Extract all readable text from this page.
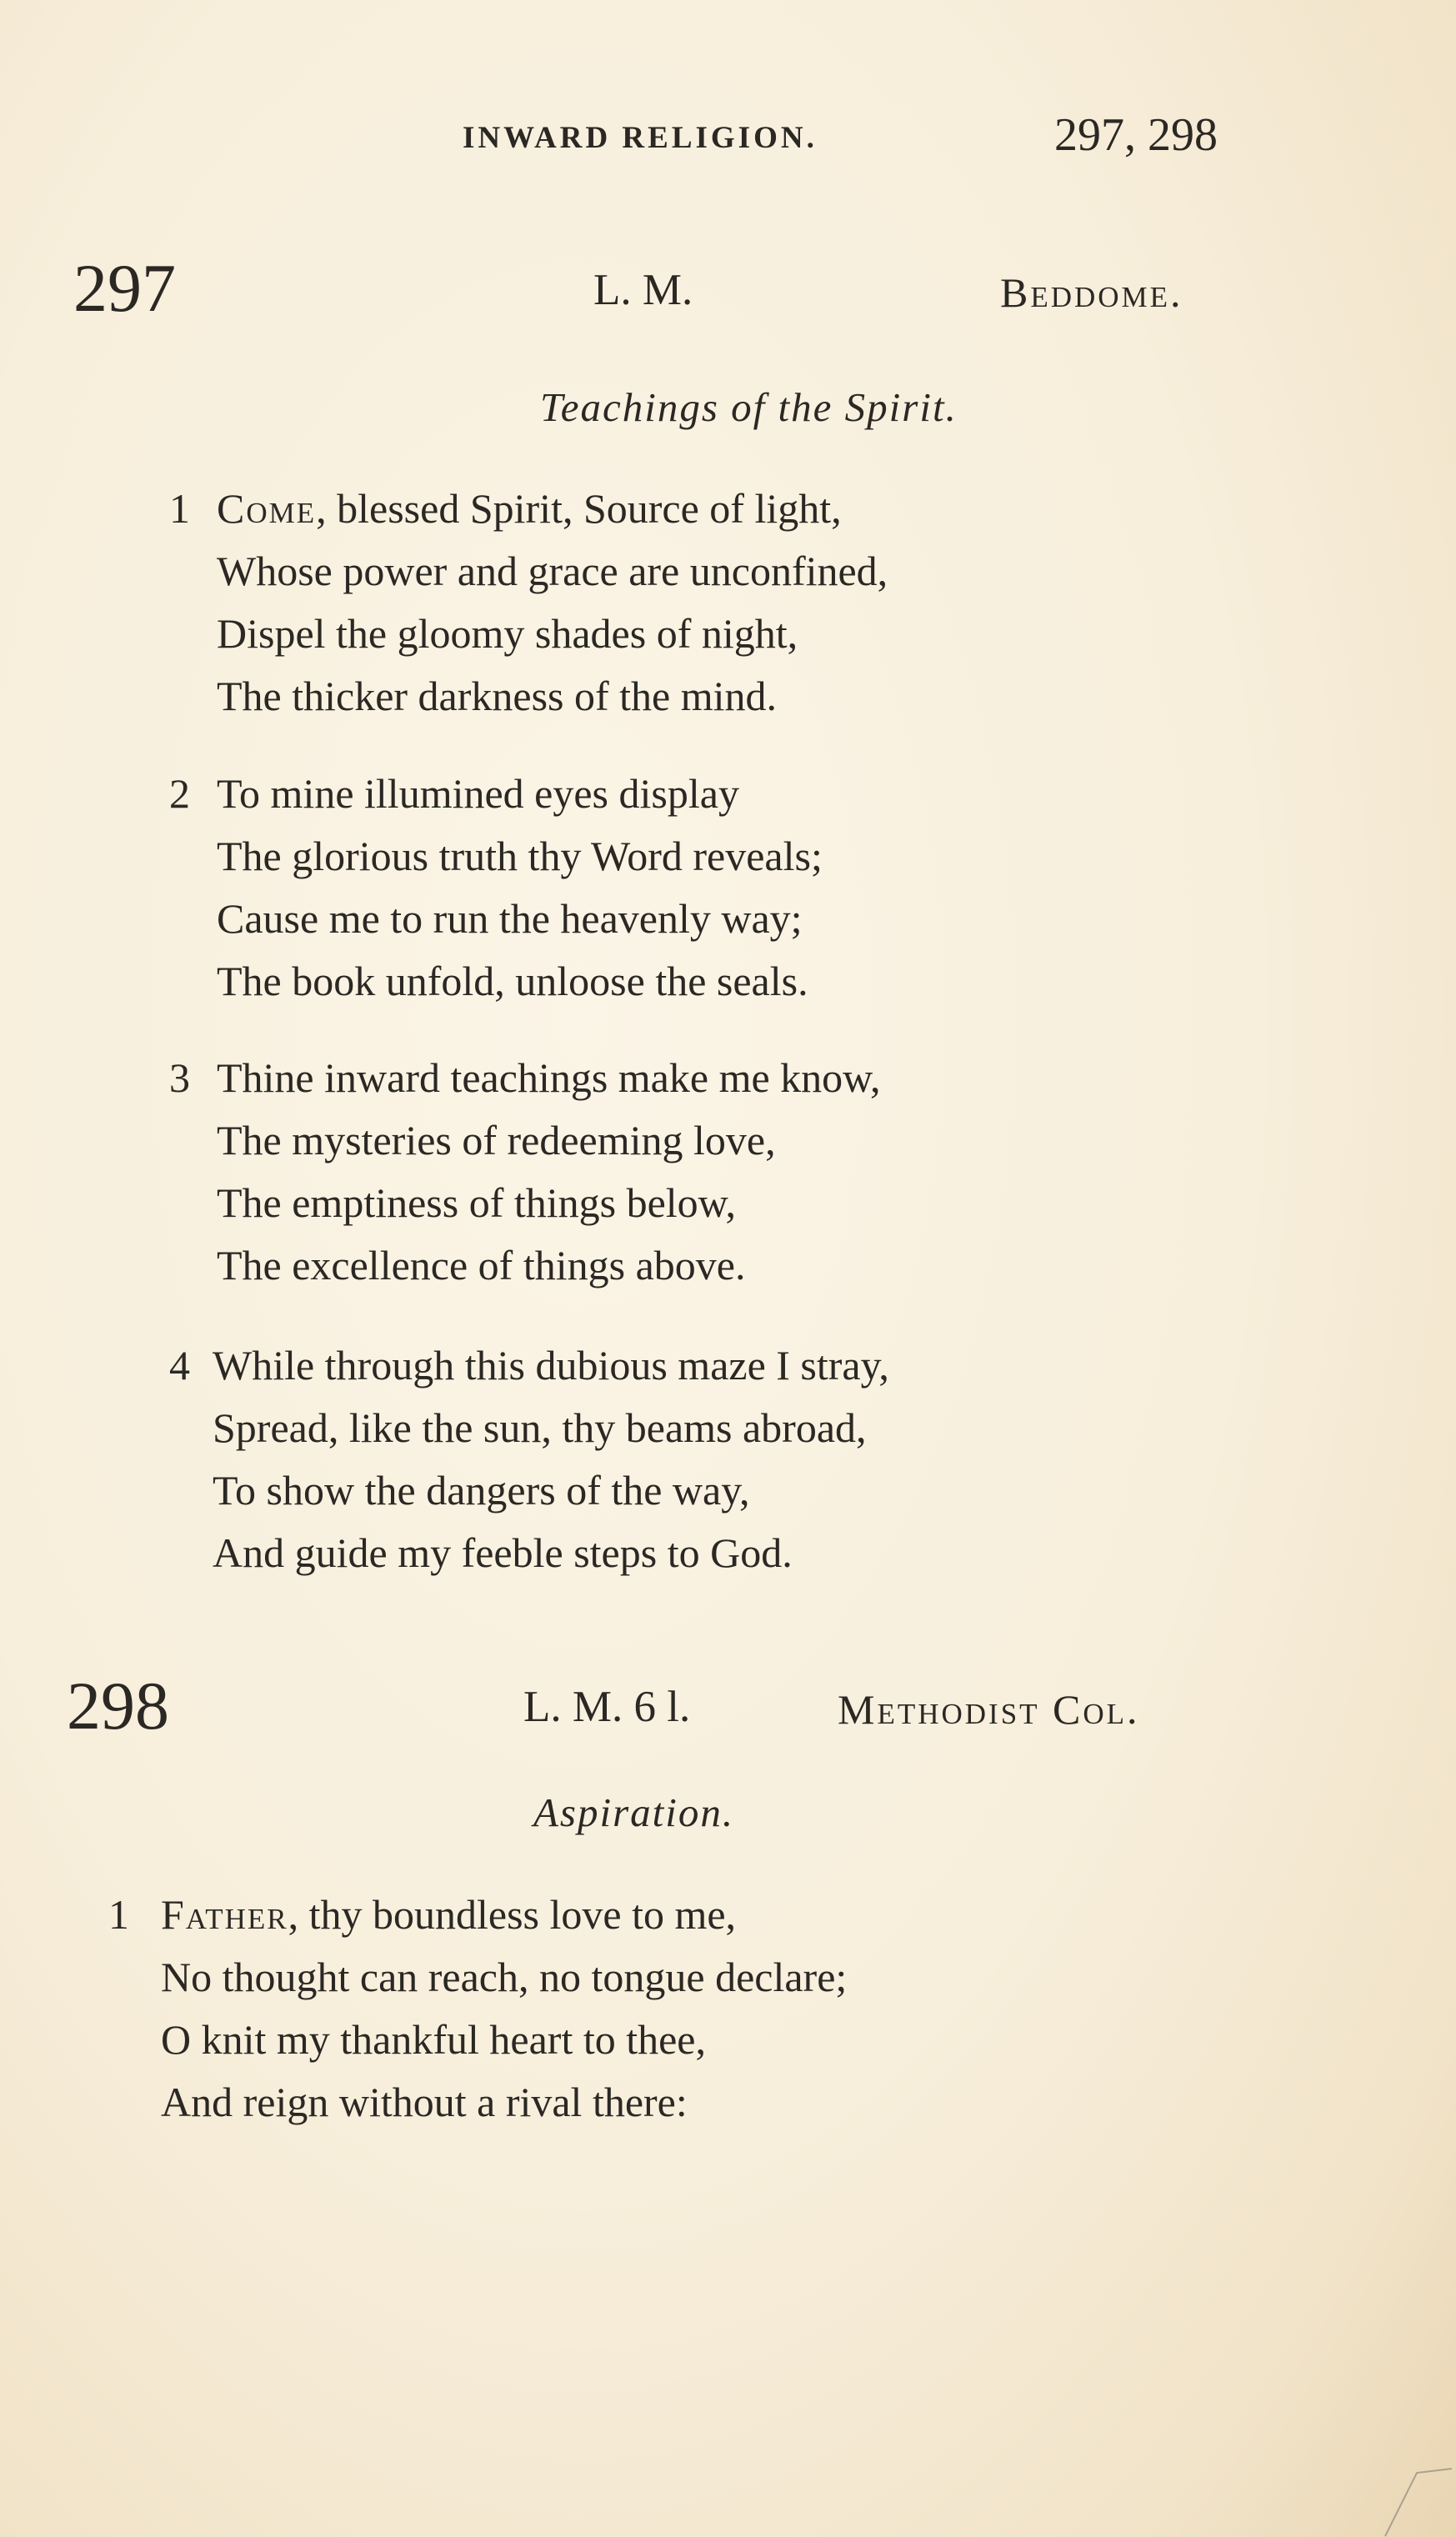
INWARD RELIGION.	297, 298
297	L. M.	Beddome.
Teachings of the Spirit.
1 Come, blessed Spirit, Source of light,
Whose power and grace are unconfined,
Dispel the gloomy shades of night,
The thicker darkness of the mind.
2 To mine illumined eyes display
The glorious truth thy Word reveals;
Cause me to run the heavenly way;
The book unfold, unloose the seals.
3 Thine inward teachings make me know,
The mysteries of redeeming love,
The emptiness of things below,
The excellence of things above.
4 While through this dubious maze I stray,
Spread, like the sun, thy beams abroad,
To show the dangers of the way,
And guide my feeble steps to God.
298	L. M. 6 l.	Methodist Col.
Aspiration.
1 Father, thy boundless love to me,
No thought can reach, no tongue declare;
O knit my thankful heart to thee,
And reign without a rival there:
